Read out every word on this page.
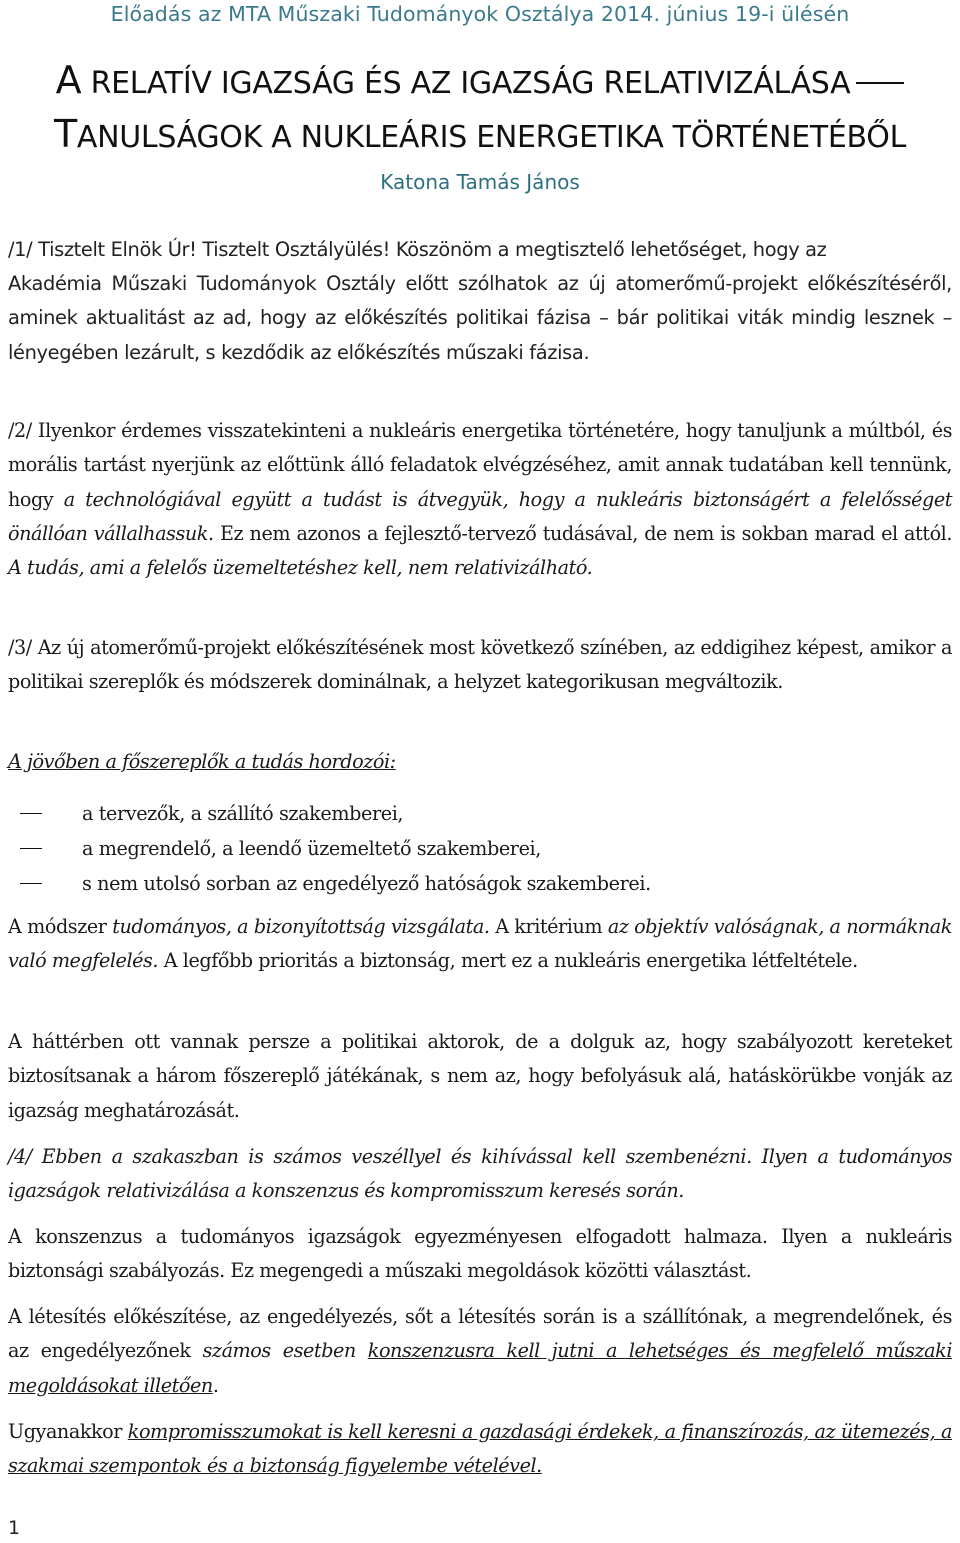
Előadás az MTA Műszaki Tudományok Osztálya 2014. június 19-i ülésén
A RELATÍV IGAZSÁG ÉS AZ IGAZSÁG RELATIVIZÁLÁSA
TANULSÁGOK A NUKLEÁRIS ENERGETIKA TÖRTÉNETÉBŐL
Katona Tamás János
/1/ Tisztelt Elnök Úr! Tisztelt Osztályülés! Köszönöm a megtisztelő lehetőséget, hogy az
Akadémia Műszaki Tudományok Osztály előtt szólhatok az új atomerőmű-projekt előkészítéséről, aminek aktualitást az ad, hogy az előkészítés politikai fázisa – bár politikai viták mindig lesznek – lényegében lezárult, s kezdődik az előkészítés műszaki fázisa.
/2/ Ilyenkor érdemes visszatekinteni a nukleáris energetika történetére, hogy tanuljunk a múltból, és morális tartást nyerjünk az előttünk álló feladatok elvégzéséhez, amit annak tudatában kell tennünk, hogy a technológiával együtt a tudást is átvegyük, hogy a nukleáris biztonságért a felelősséget önállóan vállalhassuk. Ez nem azonos a fejlesztő-tervező tudásával, de nem is sokban marad el attól. A tudás, ami a felelős üzemeltetéshez kell, nem relativizálható.
/3/ Az új atomerőmű-projekt előkészítésének most következő színében, az eddigihez képest, amikor a politikai szereplők és módszerek dominálnak, a helyzet kategorikusan megváltozik.
A jövőben a főszereplők a tudás hordozói:
a tervezők, a szállító szakemberei,
a megrendelő, a leendő üzemeltető szakemberei,
s nem utolsó sorban az engedélyező hatóságok szakemberei.
A módszer tudományos, a bizonyítottság vizsgálata. A kritérium az objektív valóságnak, a normáknak való megfelelés. A legfőbb prioritás a biztonság, mert ez a nukleáris energetika létfeltétele.
A háttérben ott vannak persze a politikai aktorok, de a dolguk az, hogy szabályozott kereteket biztosítsanak a három főszereplő játékának, s nem az, hogy befolyásuk alá, hatáskörükbe vonják az igazság meghatározását.
/4/ Ebben a szakaszban is számos veszéllyel és kihívással kell szembenézni. Ilyen a tudományos igazságok relativizálása a konszenzus és kompromisszum keresés során.
A konszenzus a tudományos igazságok egyezményesen elfogadott halmaza. Ilyen a nukleáris biztonsági szabályozás. Ez megengedi a műszaki megoldások közötti választást.
A létesítés előkészítése, az engedélyezés, sőt a létesítés során is a szállítónak, a megrendelőnek, és az engedélyezőnek számos esetben konszenzusra kell jutni a lehetséges és megfelelő műszaki megoldásokat illetően.
Ugyanakkor kompromisszumokat is kell keresni a gazdasági érdekek, a finanszírozás, az ütemezés, a szakmai szempontok és a biztonság figyelembe vételével.
1
